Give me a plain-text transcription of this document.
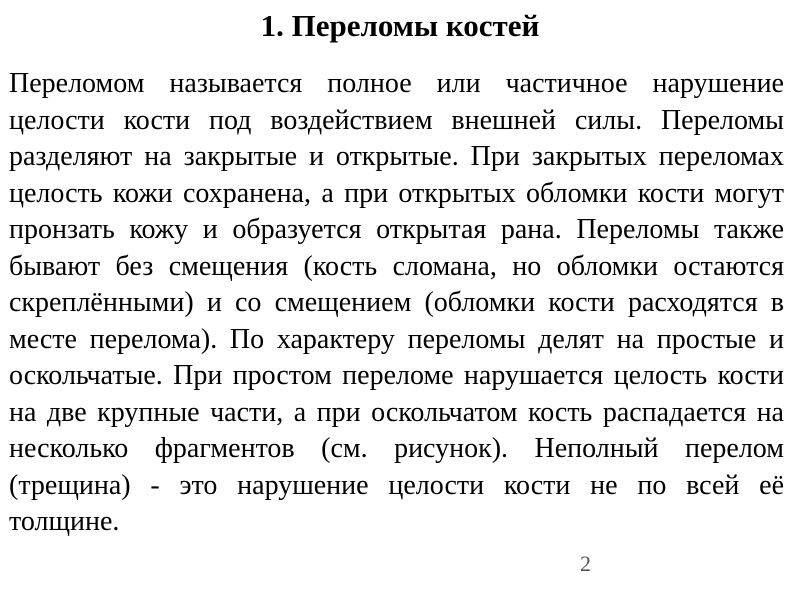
1. Переломы костей

Переломом называется полное или частичное нарушение целости кости под воздействием внешней силы. Переломы разделяют на закрытые и открытые. При закрытых переломах целость кожи сохранена, а при открытых обломки кости могут пронзать кожу и образуется открытая рана. Переломы также бывают без смещения (кость сломана, но обломки остаются скреплёнными) и со смещением (обломки кости расходятся в месте перелома). По характеру переломы делят на простые и оскольчатые. При простом переломе нарушается целость кости на две крупные части, а при оскольчатом кость распадается на несколько фрагментов (см. рисунок). Неполный перелом (трещина) - это нарушение целости кости не по всей её толщине.

2
